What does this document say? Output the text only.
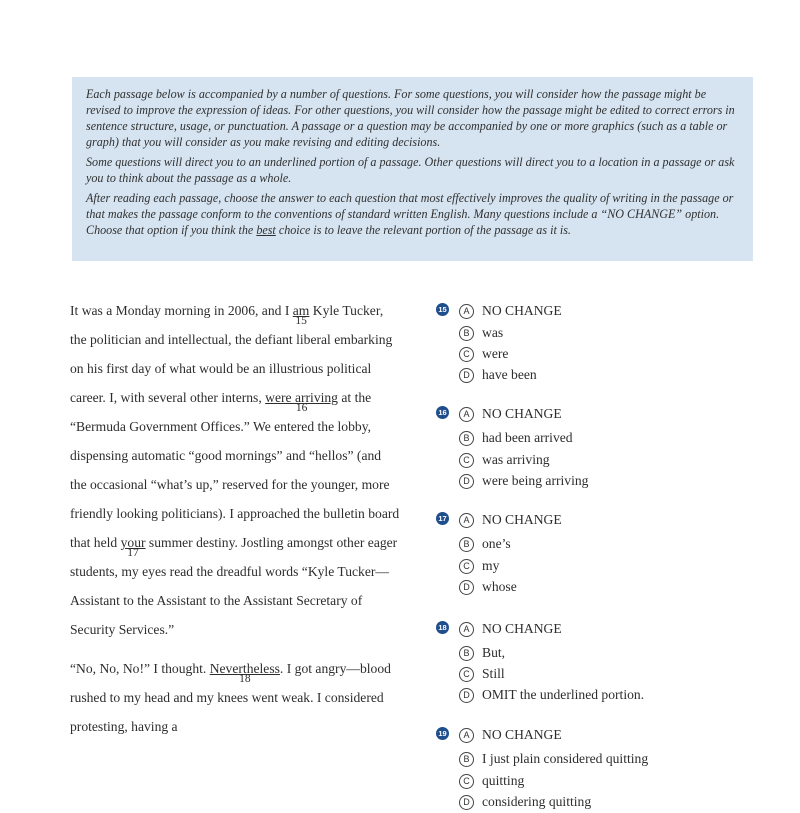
Each passage below is accompanied by a number of questions. For some questions, you will consider how the passage might be revised to improve the expression of ideas. For other questions, you will consider how the passage might be edited to correct errors in sentence structure, usage, or punctuation. A passage or a question may be accompanied by one or more graphics (such as a table or graph) that you will consider as you make revising and editing decisions.

Some questions will direct you to an underlined portion of a passage. Other questions will direct you to a location in a passage or ask you to think about the passage as a whole.

After reading each passage, choose the answer to each question that most effectively improves the quality of writing in the passage or that makes the passage conform to the conventions of standard written English. Many questions include a “NO CHANGE” option. Choose that option if you think the best choice is to leave the relevant portion of the passage as it is.

It was a Monday morning in 2006, and I am
15
Kyle Tucker, the politician and intellectual, the defiant liberal embarking on his first day of what would be an illustrious political career. I, with several other interns, were arriving
16
at the “Bermuda Government Offices.” We entered the lobby, dispensing automatic “good mornings” and “hellos” (and the occasional “what’s up,” reserved for the younger, more friendly looking politicians). I approached the bulletin board that held your
17
summer destiny. Jostling amongst other eager students, my eyes read the dreadful words “Kyle Tucker—Assistant to the Assistant to the Assistant Secretary of Security Services.”

“No, No, No!” I thought. Nevertheless
18
. I got angry—blood rushed to my head and my knees went weak. I considered protesting, having a

15	A NO CHANGE
B was
C were
D have been
16	A NO CHANGE
B had been arrived
C was arriving
D were being arriving
17	A NO CHANGE
B one’s
C my
D whose
18	A NO CHANGE
B But,
C Still
D OMIT the underlined portion.
19	A NO CHANGE
B I just plain considered quitting
C quitting
D considering quitting
